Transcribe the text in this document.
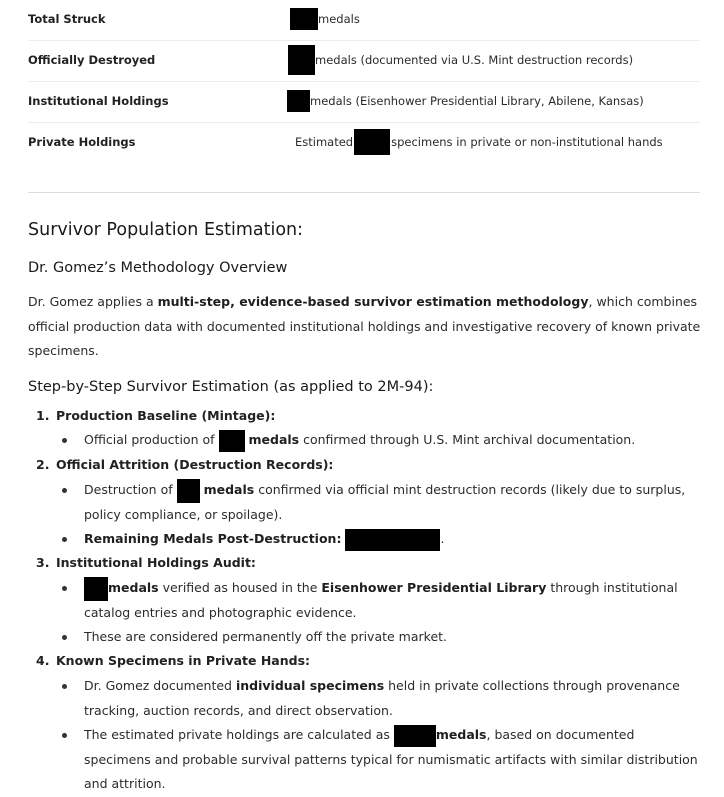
Total Struck	medals
Officially Destroyed	medals (documented via U.S. Mint destruction records)
Institutional Holdings	medals (Eisenhower Presidential Library, Abilene, Kansas)
Private Holdings	Estimated	specimens in private or non-institutional hands
Survivor Population Estimation:
Dr. Gomez’s Methodology Overview

Dr. Gomez applies a multi-step, evidence-based survivor estimation methodology, which combines official production data with documented institutional holdings and investigative recovery of known private specimens.

Step-by-Step Survivor Estimation (as applied to 2M-94):
1. Production Baseline (Mintage):
Official production of	medals confirmed through U.S. Mint archival documentation.
2. Official Attrition (Destruction Records):
Destruction of medals confirmed via official mint destruction records (likely due to surplus, policy compliance, or spoilage).
Remaining Medals Post-Destruction:	.
3. Institutional Holdings Audit:
medals verified as housed in the Eisenhower Presidential Library through institutional catalog entries and photographic evidence.
These are considered permanently off the private market.
4. Known Specimens in Private Hands:
Dr. Gomez documented individual specimens held in private collections through provenance tracking, auction records, and direct observation.
The estimated private holdings are calculated as	medals, based on documented specimens and probable survival patterns typical for numismatic artifacts with similar distribution and attrition.
